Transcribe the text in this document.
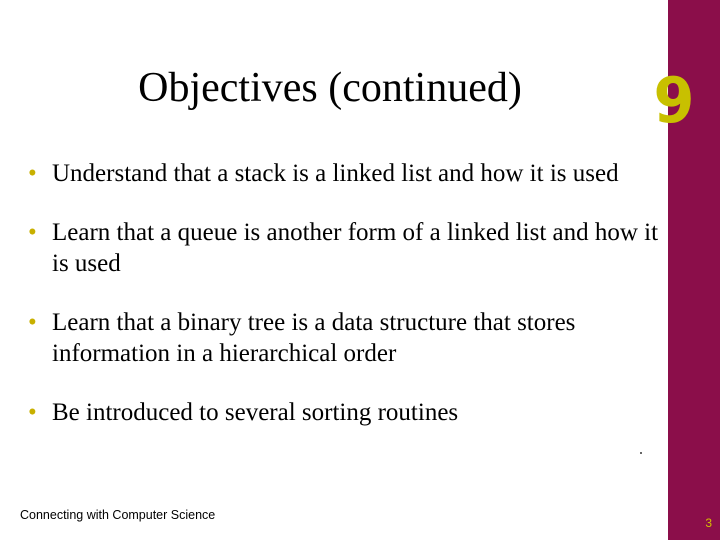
9
Objectives (continued)
• Understand that a stack is a linked list and how it is used
• Learn that a queue is another form of a linked list and how it is used
• Learn that a binary tree is a data structure that stores information in a hierarchical order
• Be introduced to several sorting routines
Connecting with Computer Science
3
